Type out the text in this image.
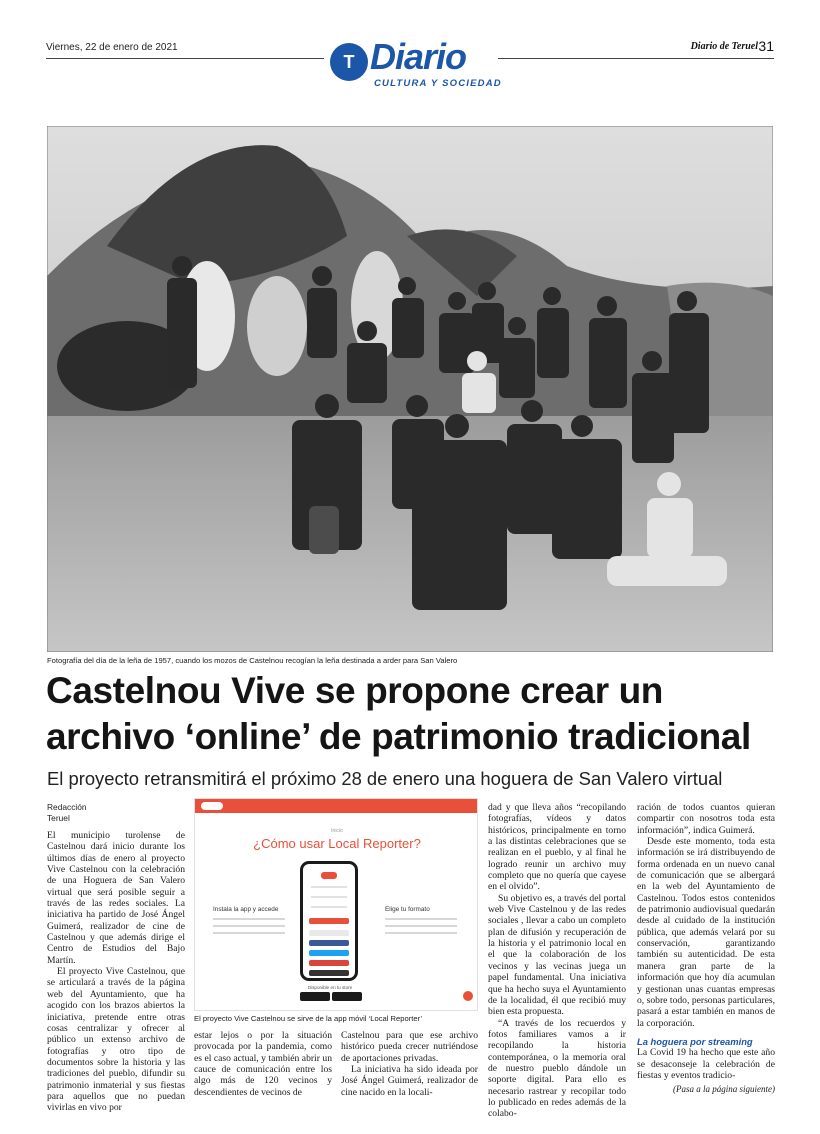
Viernes, 22 de enero de 2021
T Diario
CULTURA Y SOCIEDAD
Diario de Teruel 31
Fotografía del día de la leña de 1957, cuando los mozos de Castelnou recogían la leña destinada a arder para San Valero
Castelnou Vive se propone crear un
archivo ‘online’ de patrimonio tradicional
El proyecto retransmitirá el próximo 28 de enero una hoguera de San Valero virtual
Redacción
Teruel

El municipio turolense de Castelnou dará inicio durante los últimos días de enero al proyecto Vive Castelnou con la celebración de una Hoguera de San Valero virtual que será posible seguir a través de las redes sociales. La iniciativa ha partido de José Ángel Guimerá, realizador de cine de Castelnou y que además dirige el Centro de Estudios del Bajo Martín.

El proyecto Vive Castelnou, que se articulará a través de la página web del Ayuntamiento, que ha acogido con los brazos abiertos la iniciativa, pretende entre otras cosas centralizar y ofrecer al público un extenso archivo de fotografías y otro tipo de documentos sobre la historia y las tradiciones del pueblo, difundir su patrimonio inmaterial y sus fiestas para aquellos que no puedan vivirlas en vivo por

Inicio
¿Cómo usar Local Reporter?
Instala la app y accede	Elige tu formato
Disponible en tu store
El proyecto Vive Castelnou se sirve de la app móvil ‘Local Reporter’

estar lejos o por la situación provocada por la pandemia, como es el caso actual, y también abrir un cauce de comunicación entre los algo más de 120 vecinos y descendientes de vecinos de

Castelnou para que ese archivo histórico pueda crecer nutriéndose de aportaciones privadas.

La iniciativa ha sido ideada por José Ángel Guimerá, realizador de cine nacido en la locali-

dad y que lleva años “recopilando fotografías, vídeos y datos históricos, principalmente en torno a las distintas celebraciones que se realizan en el pueblo, y al final he logrado reunir un archivo muy completo que no quería que cayese en el olvido”.

Su objetivo es, a través del portal web Vive Castelnou y de las redes sociales , llevar a cabo un completo plan de difusión y recuperación de la historia y el patrimonio local en el que la colaboración de los vecinos y las vecinas juega un papel fundamental. Una iniciativa que ha hecho suya el Ayuntamiento de la localidad, él que recibió muy bien esta propuesta.

“A través de los recuerdos y fotos familiares vamos a ir recopilando la historia contemporánea, o la memoria oral de nuestro pueblo dándole un soporte digital. Para ello es necesario rastrear y recopilar todo lo publicado en redes además de la colabo-

ración de todos cuantos quieran compartir con nosotros toda esta información”, indica Guimerá.

Desde este momento, toda esta información se irá distribuyendo de forma ordenada en un nuevo canal de comunicación que se albergará en la web del Ayuntamiento de Castelnou. Todos estos contenidos de patrimonio audiovisual quedarán desde al cuidado de la institución pública, que además velará por su conservación, garantizando también su autenticidad. De esta manera gran parte de la información que hoy día acumulan y gestionan unas cuantas empresas o, sobre todo, personas particulares, pasará a estar también en manos de la corporación.

La hoguera por streaming

La Covid 19 ha hecho que este año se desaconseje la celebración de fiestas y eventos tradicio-

(Pasa a la página siguiente)
